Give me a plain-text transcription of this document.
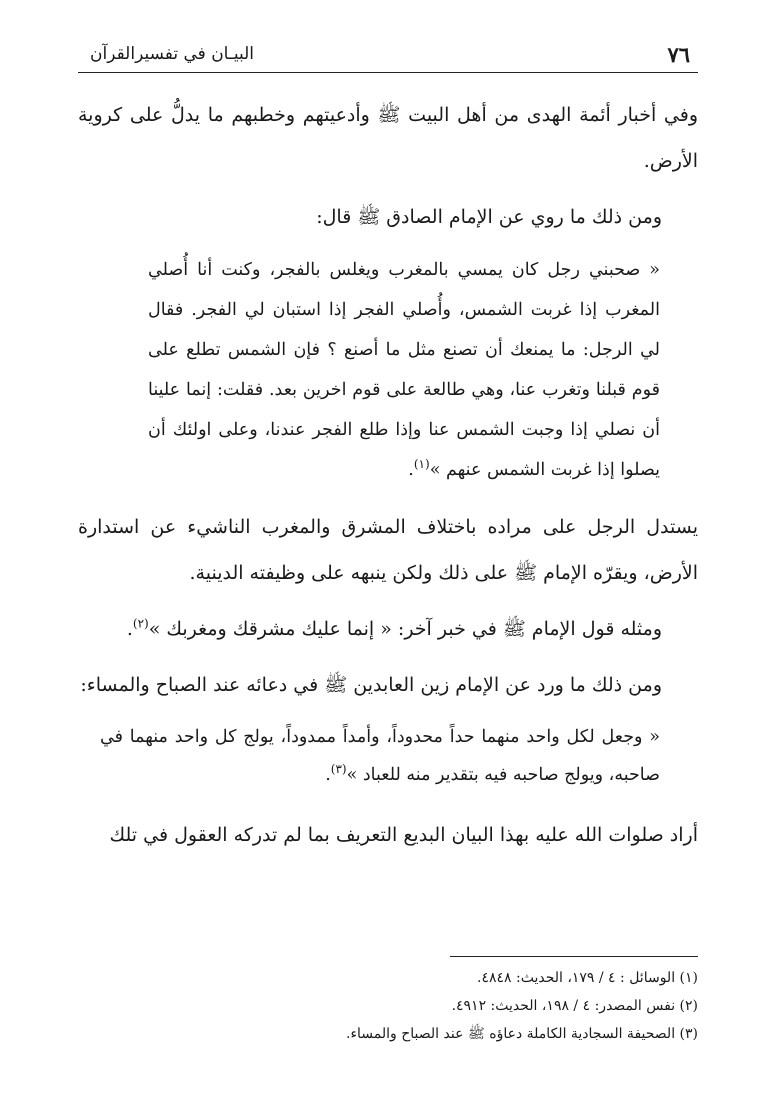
٧٦
البيـان في تفسيرالقرآن

وفي أخبار أئمة الهدى من أهل البيت ﷺ وأدعيتهم وخطبهم ما يدلُّ على كروية الأرض.

ومن ذلك ما روي عن الإمام الصادق ﷺ قال:

« صحبني رجل كان يمسي بالمغرب ويغلس بالفجر، وكنت أنا أُصلي المغرب إذا غربت الشمس، وأُصلي الفجر إذا استبان لي الفجر. فقال لي الرجل: ما يمنعك أن تصنع مثل ما أصنع ؟ فإن الشمس تطلع على قوم قبلنا وتغرب عنا، وهي طالعة على قوم اخرين بعد. فقلت: إنما علينا أن نصلي إذا وجبت الشمس عنا وإذا طلع الفجر عندنا، وعلى اولئك أن يصلوا إذا غربت الشمس عنهم »$^{(١)}$.

يستدل الرجل على مراده باختلاف المشرق والمغرب الناشيء عن استدارة الأرض، ويقرّه الإمام ﷺ على ذلك ولكن ينبهه على وظيفته الدينية.

ومثله قول الإمام ﷺ في خبر آخر: « إنما عليك مشرقك ومغربك »$^{(٢)}$.

ومن ذلك ما ورد عن الإمام زين العابدين ﷺ في دعائه عند الصباح والمساء:

« وجعل لكل واحد منهما حداً محدوداً، وأمداً ممدوداً، يولج كل واحد منهما في صاحبه، ويولج صاحبه فيه بتقدير منه للعباد »$^{(٣)}$.

أراد صلوات الله عليه بهذا البيان البديع التعريف بما لم تدركه العقول في تلك

(١) الوسائل : ٤ / ١٧٩، الحديث: ٤٨٤٨.
(٢) نفس المصدر: ٤ / ١٩٨، الحديث: ٤٩١٢.
(٣) الصحيفة السجادية الكاملة دعاؤه ﷺ عند الصباح والمساء.
